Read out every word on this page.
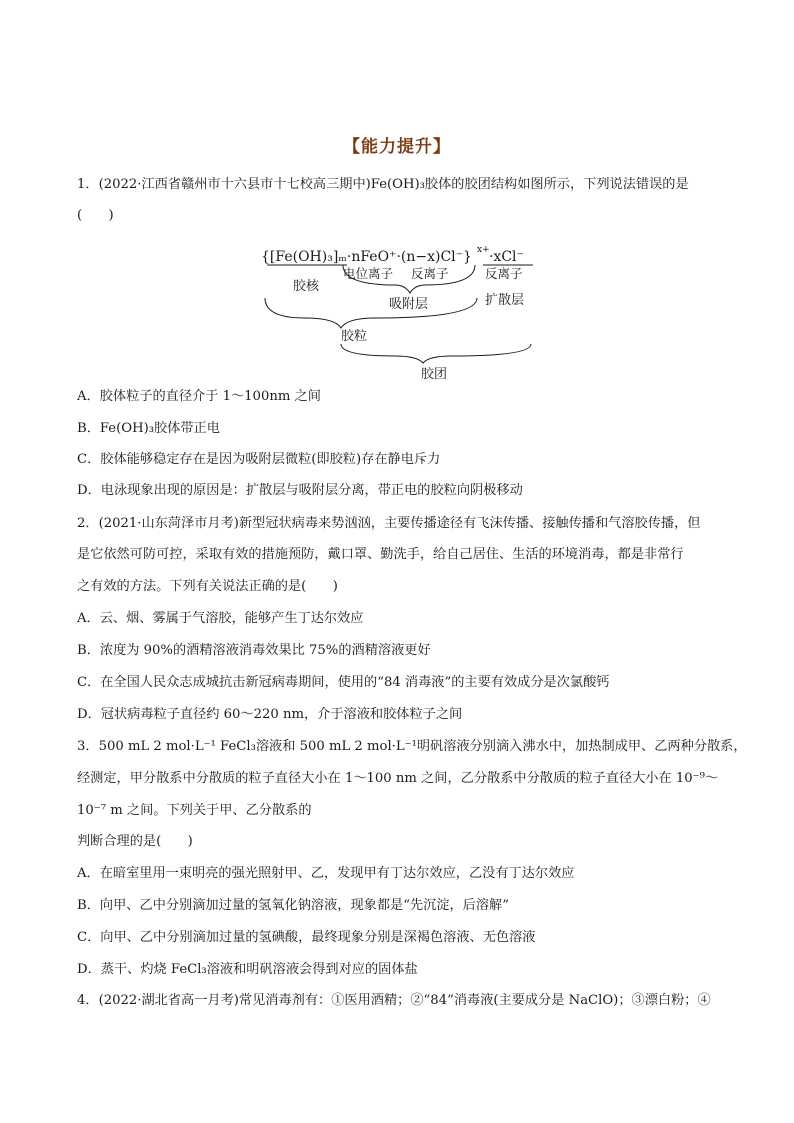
【能力提升】
1．(2022·江西省赣州市十六县市十七校高三期中)Fe(OH)₃胶体的胶团结构如图所示，下列说法错误的是
(　　)
{[Fe(OH)₃]ₘ·nFeO⁺·(n−x)Cl⁻} x+ ·xCl⁻
胶核
电位离子 反离子
吸附层
反离子
扩散层
胶粒
胶团
A．胶体粒子的直径介于 1～100nm 之间
B．Fe(OH)₃胶体带正电
C．胶体能够稳定存在是因为吸附层微粒(即胶粒)存在静电斥力
D．电泳现象出现的原因是：扩散层与吸附层分离，带正电的胶粒向阴极移动
2．(2021·山东菏泽市月考)新型冠状病毒来势汹汹，主要传播途径有飞沫传播、接触传播和气溶胶传播，但
是它依然可防可控，采取有效的措施预防，戴口罩、勤洗手，给自己居住、生活的环境消毒，都是非常行
之有效的方法。下列有关说法正确的是(　　)
A．云、烟、雾属于气溶胶，能够产生丁达尔效应
B．浓度为 90%的酒精溶液消毒效果比 75%的酒精溶液更好
C．在全国人民众志成城抗击新冠病毒期间，使用的“84 消毒液”的主要有效成分是次氯酸钙
D．冠状病毒粒子直径约 60～220 nm，介于溶液和胶体粒子之间
3．500 mL 2 mol·L⁻¹ FeCl₃溶液和 500 mL 2 mol·L⁻¹明矾溶液分别滴入沸水中，加热制成甲、乙两种分散系，
经测定，甲分散系中分散质的粒子直径大小在 1～100 nm 之间，乙分散系中分散质的粒子直径大小在 10⁻⁹～
10⁻⁷ m 之间。下列关于甲、乙分散系的
判断合理的是(　　)
A．在暗室里用一束明亮的强光照射甲、乙，发现甲有丁达尔效应，乙没有丁达尔效应
B．向甲、乙中分别滴加过量的氢氧化钠溶液，现象都是“先沉淀，后溶解”
C．向甲、乙中分别滴加过量的氢碘酸，最终现象分别是深褐色溶液、无色溶液
D．蒸干、灼烧 FeCl₃溶液和明矾溶液会得到对应的固体盐
4．(2022·湖北省高一月考)常见消毒剂有：①医用酒精；②“84”消毒液(主要成分是 NaClO)；③漂白粉；④
